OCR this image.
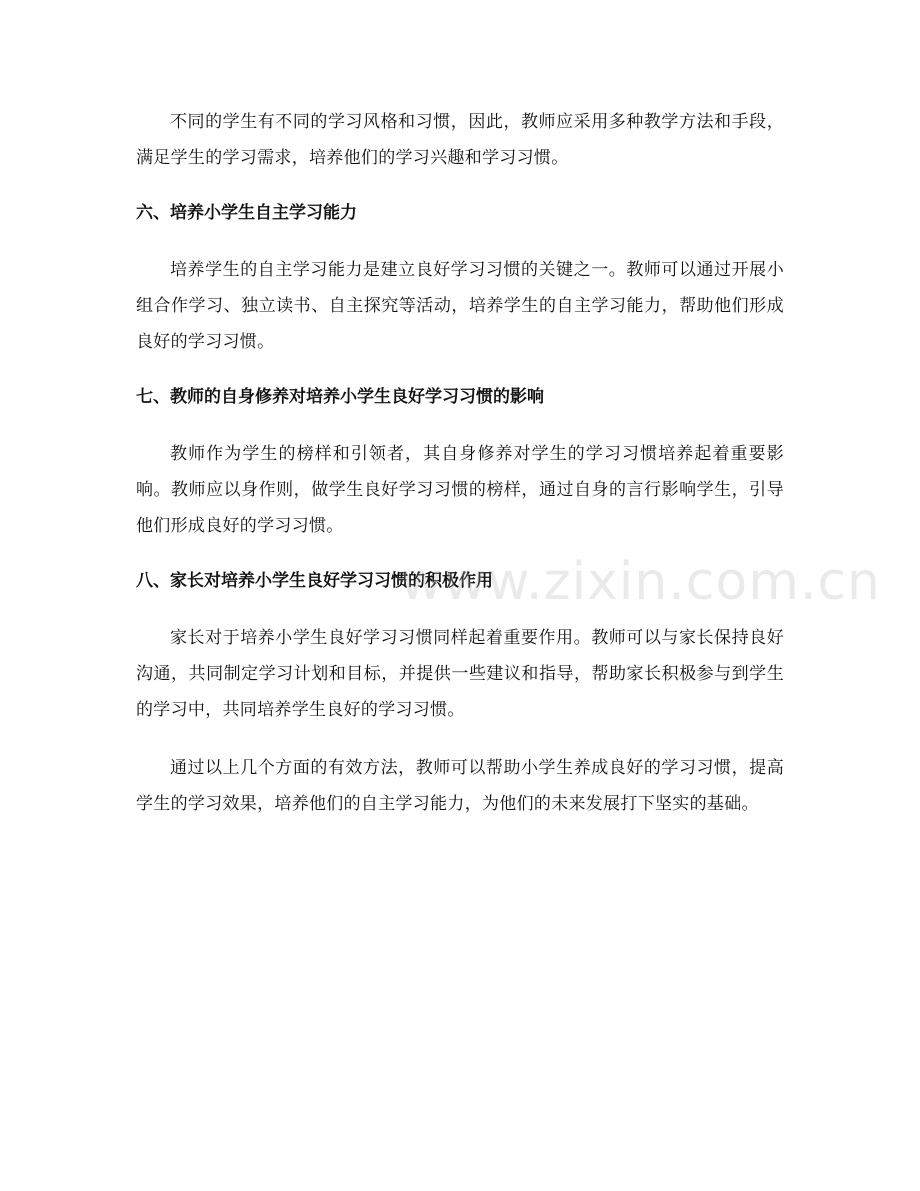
不同的学生有不同的学习风格和习惯，因此，教师应采用多种教学方法和手段，满足学生的学习需求，培养他们的学习兴趣和学习习惯。

六、培养小学生自主学习能力

培养学生的自主学习能力是建立良好学习习惯的关键之一。教师可以通过开展小组合作学习、独立读书、自主探究等活动，培养学生的自主学习能力，帮助他们形成良好的学习习惯。

七、教师的自身修养对培养小学生良好学习习惯的影响

教师作为学生的榜样和引领者，其自身修养对学生的学习习惯培养起着重要影响。教师应以身作则，做学生良好学习习惯的榜样，通过自身的言行影响学生，引导他们形成良好的学习习惯。

八、家长对培养小学生良好学习习惯的积极作用

家长对于培养小学生良好学习习惯同样起着重要作用。教师可以与家长保持良好沟通，共同制定学习计划和目标，并提供一些建议和指导，帮助家长积极参与到学生的学习中，共同培养学生良好的学习习惯。

通过以上几个方面的有效方法，教师可以帮助小学生养成良好的学习习惯，提高学生的学习效果，培养他们的自主学习能力，为他们的未来发展打下坚实的基础。

www.zixin.com.cn
